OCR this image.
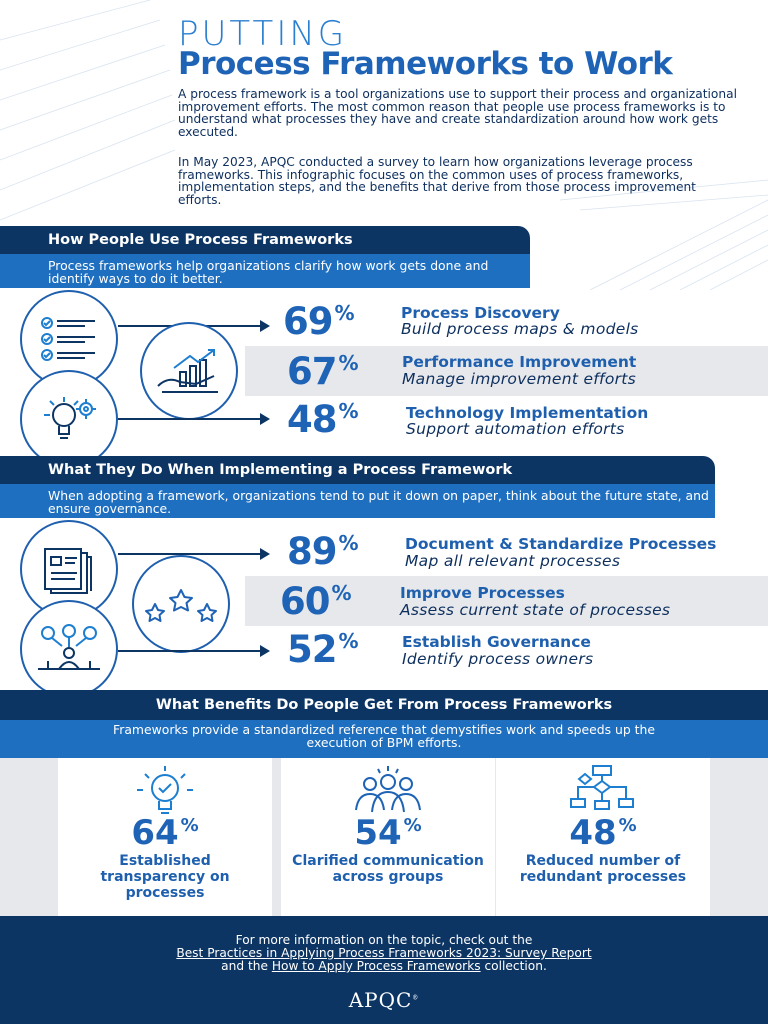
PUTTING
Process Frameworks to Work
A process framework is a tool organizations use to support their process and organizational improvement efforts. The most common reason that people use process frameworks is to understand what processes they have and create standardization around how work gets executed.
In May 2023, APQC conducted a survey to learn how organizations leverage process frameworks. This infographic focuses on the common uses of process frameworks, implementation steps, and the benefits that derive from those process improvement efforts.
How People Use Process Frameworks
Process frameworks help organizations clarify how work gets done and identify ways to do it better.
69 %	Process Discovery
Build process maps & models
67 %	Performance Improvement
Manage improvement efforts
48 %	Technology Implementation
Support automation efforts
What They Do When Implementing a Process Framework
When adopting a framework, organizations tend to put it down on paper, think about the future state, and ensure governance.
89 %	Document & Standardize Processes
Map all relevant processes
60 %	Improve Processes
Assess current state of processes
52 %	Establish Governance
Identify process owners
What Benefits Do People Get From Process Frameworks
Frameworks provide a standardized reference that demystifies work and speeds up the execution of BPM efforts.
64 %
Established transparency on processes
54 %
Clarified communication across groups
48 %
Reduced number of redundant processes
For more information on the topic, check out the
Best Practices in Applying Process Frameworks 2023: Survey Report
and the How to Apply Process Frameworks collection.
APQC®
